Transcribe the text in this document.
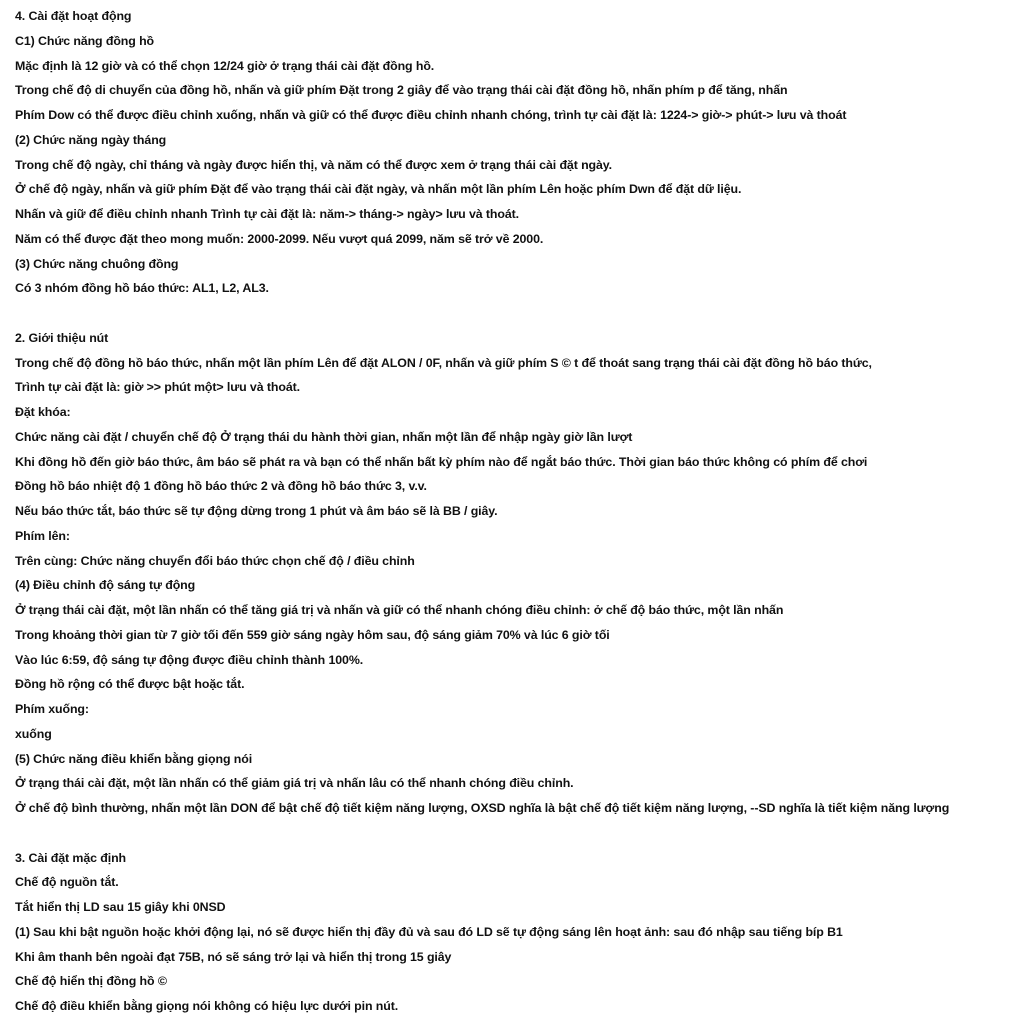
4. Cài đặt hoạt động
C1) Chức năng đồng hồ
Mặc định là 12 giờ và có thể chọn 12/24 giờ ở trạng thái cài đặt đồng hồ.
Trong chế độ di chuyển của đồng hồ, nhấn và giữ phím Đặt trong 2 giây để vào trạng thái cài đặt đồng hồ, nhấn phím p để tăng, nhấn
Phím Dow có thể được điều chỉnh xuống, nhấn và giữ có thể được điều chỉnh nhanh chóng, trình tự cài đặt là: 1224-> giờ-> phút-> lưu và thoát
(2) Chức năng ngày tháng
Trong chế độ ngày, chỉ tháng và ngày được hiển thị, và năm có thể được xem ở trạng thái cài đặt ngày.
Ở chế độ ngày, nhấn và giữ phím Đặt để vào trạng thái cài đặt ngày, và nhấn một lần phím Lên hoặc phím Dwn để đặt dữ liệu.
Nhấn và giữ để điều chỉnh nhanh Trình tự cài đặt là: năm-> tháng-> ngày> lưu và thoát.
Năm có thể được đặt theo mong muốn: 2000-2099. Nếu vượt quá 2099, năm sẽ trở về 2000.
(3) Chức năng chuông đồng
Có 3 nhóm đồng hồ báo thức: AL1, L2, AL3.
2. Giới thiệu nút
Trong chế độ đồng hồ báo thức, nhấn một lần phím Lên để đặt ALON / 0F, nhấn và giữ phím S © t để thoát sang trạng thái cài đặt đồng hồ báo thức,
Trình tự cài đặt là: giờ >> phút một> lưu và thoát.
Đặt khóa:
Chức năng cài đặt / chuyển chế độ Ở trạng thái du hành thời gian, nhấn một lần để nhập ngày giờ lần lượt
Khi đồng hồ đến giờ báo thức, âm báo sẽ phát ra và bạn có thể nhấn bất kỳ phím nào để ngắt báo thức. Thời gian báo thức không có phím để chơi
Đồng hồ báo nhiệt độ 1 đồng hồ báo thức 2 và đồng hồ báo thức 3, v.v.
Nếu báo thức tắt, báo thức sẽ tự động dừng trong 1 phút và âm báo sẽ là BB / giây.
Phím lên:
Trên cùng: Chức năng chuyển đổi báo thức chọn chế độ / điều chỉnh
(4) Điều chỉnh độ sáng tự động
Ở trạng thái cài đặt, một lần nhấn có thể tăng giá trị và nhấn và giữ có thể nhanh chóng điều chỉnh: ở chế độ báo thức, một lần nhấn
Trong khoảng thời gian từ 7 giờ tối đến 559 giờ sáng ngày hôm sau, độ sáng giảm 70% và lúc 6 giờ tối
Vào lúc 6:59, độ sáng tự động được điều chỉnh thành 100%.
Đồng hồ rộng có thể được bật hoặc tắt.
Phím xuống:
xuống
(5) Chức năng điều khiển bằng giọng nói
Ở trạng thái cài đặt, một lần nhấn có thể giảm giá trị và nhấn lâu có thể nhanh chóng điều chỉnh.
Ở chế độ bình thường, nhấn một lần DON để bật chế độ tiết kiệm năng lượng, OXSD nghĩa là bật chế độ tiết kiệm năng lượng, --SD nghĩa là tiết kiệm năng lượng
3. Cài đặt mặc định
Chế độ nguồn tắt.
Tắt hiển thị LD sau 15 giây khi 0NSD
(1) Sau khi bật nguồn hoặc khởi động lại, nó sẽ được hiển thị đầy đủ và sau đó LD sẽ tự động sáng lên hoạt ảnh: sau đó nhập sau tiếng bíp B1
Khi âm thanh bên ngoài đạt 75B, nó sẽ sáng trở lại và hiển thị trong 15 giây
Chế độ hiển thị đồng hồ ©
Chế độ điều khiển bằng giọng nói không có hiệu lực dưới pin nút.
